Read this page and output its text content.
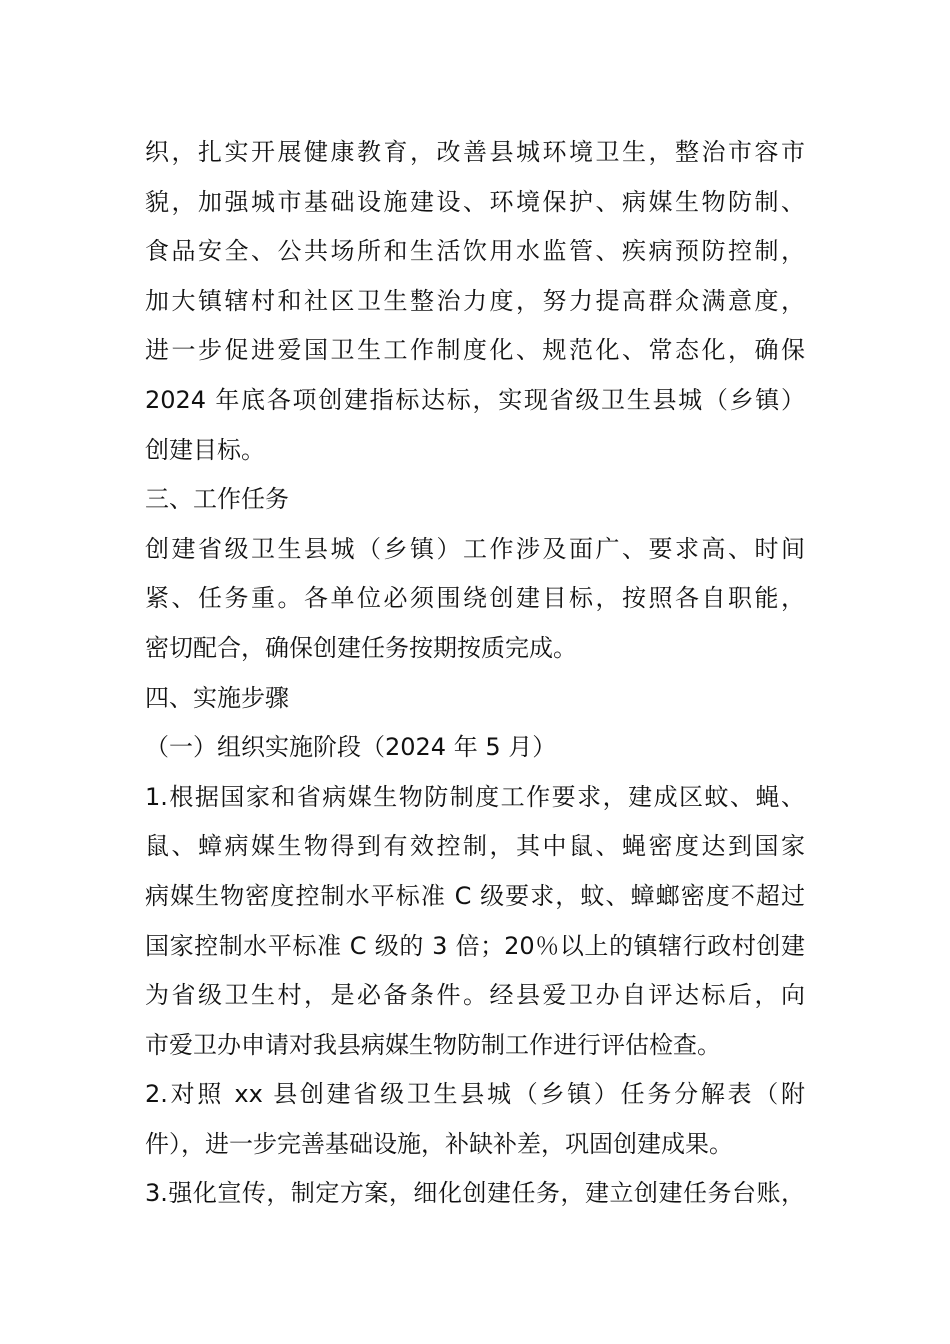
织，扎实开展健康教育，改善县城环境卫生，整治市容市
貌，加强城市基础设施建设、环境保护、病媒生物防制、
食品安全、公共场所和生活饮用水监管、疾病预防控制，
加大镇辖村和社区卫生整治力度，努力提高群众满意度，
进一步促进爱国卫生工作制度化、规范化、常态化，确保
2024 年底各项创建指标达标，实现省级卫生县城（乡镇）
创建目标。
三、工作任务
创建省级卫生县城（乡镇）工作涉及面广、要求高、时间
紧、任务重。各单位必须围绕创建目标，按照各自职能，
密切配合，确保创建任务按期按质完成。
四、实施步骤
（一）组织实施阶段（2024 年 5 月）
1.根据国家和省病媒生物防制度工作要求，建成区蚊、蝇、
鼠、蟑病媒生物得到有效控制，其中鼠、蝇密度达到国家
病媒生物密度控制水平标准 C 级要求，蚊、蟑螂密度不超过
国家控制水平标准 C 级的 3 倍；20％以上的镇辖行政村创建
为省级卫生村，是必备条件。经县爱卫办自评达标后，向
市爱卫办申请对我县病媒生物防制工作进行评估检查。
2.对照 xx 县创建省级卫生县城（乡镇）任务分解表（附
件），进一步完善基础设施，补缺补差，巩固创建成果。
3.强化宣传，制定方案，细化创建任务，建立创建任务台账，
